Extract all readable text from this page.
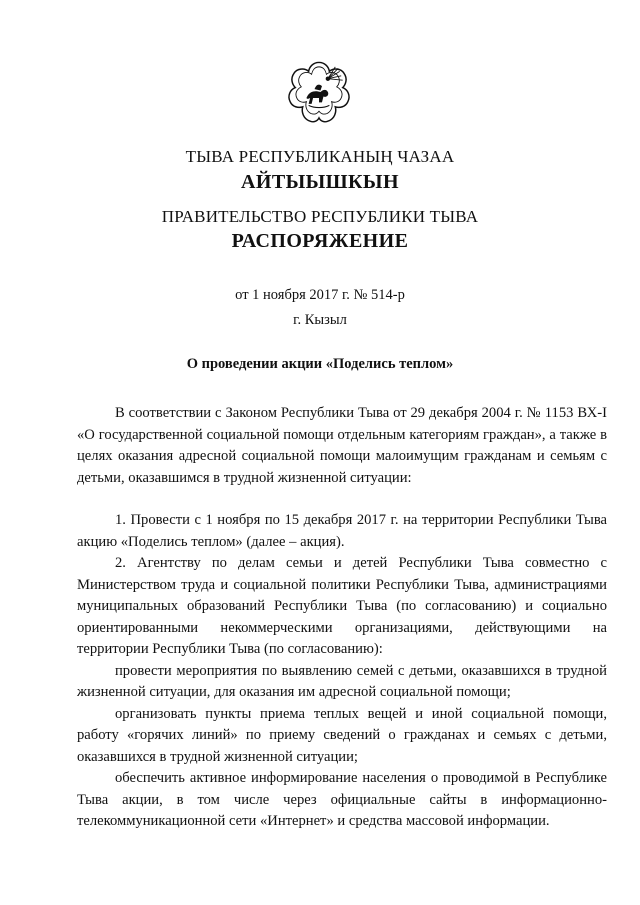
ТЫВА РЕСПУБЛИКАНЫҢ ЧАЗАА
АЙТЫЫШКЫН
ПРАВИТЕЛЬСТВО РЕСПУБЛИКИ ТЫВА
РАСПОРЯЖЕНИЕ
от 1 ноября 2017 г. № 514-р
г. Кызыл
О проведении акции «Поделись теплом»

В соответствии с Законом Республики Тыва от 29 декабря 2004 г. № 1153 ВХ-I «О государственной социальной помощи отдельным категориям граждан», а также в целях оказания адресной социальной помощи малоимущим гражданам и семьям с детьми, оказавшимся в трудной жизненной ситуации:

1. Провести с 1 ноября по 15 декабря 2017 г. на территории Республики Тыва акцию «Поделись теплом» (далее – акция).

2. Агентству по делам семьи и детей Республики Тыва совместно с Министерством труда и социальной политики Республики Тыва, администрациями муниципальных образований Республики Тыва (по согласованию) и социально ориентированными некоммерческими организациями, действующими на территории Республики Тыва (по согласованию):

провести мероприятия по выявлению семей с детьми, оказавшихся в трудной жизненной ситуации, для оказания им адресной социальной помощи;

организовать пункты приема теплых вещей и иной социальной помощи, работу «горячих линий» по приему сведений о гражданах и семьях с детьми, оказавшихся в трудной жизненной ситуации;

обеспечить активное информирование населения о проводимой в Республике Тыва акции, в том числе через официальные сайты в информационно-телекоммуникационной сети «Интернет» и средства массовой информации.
